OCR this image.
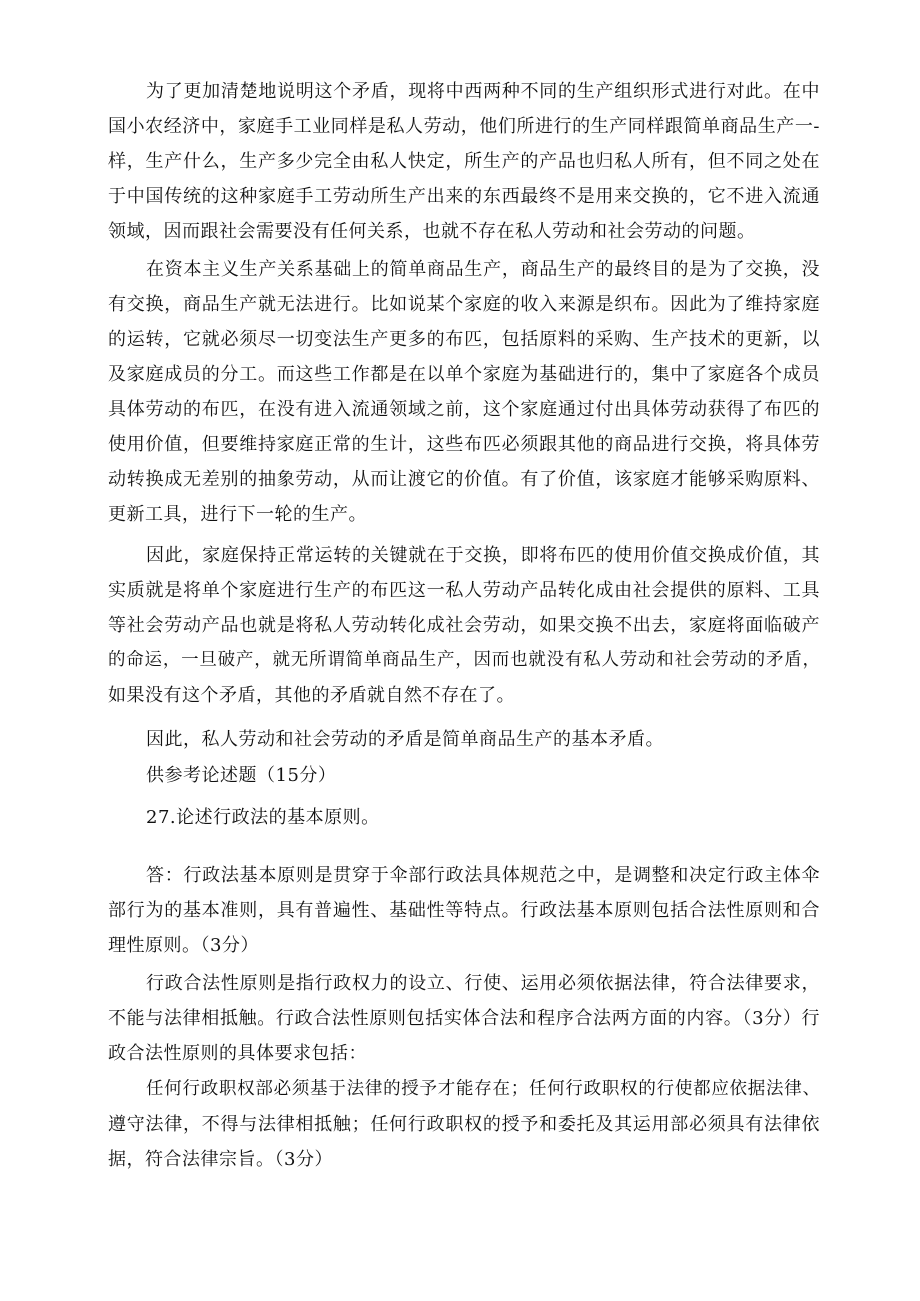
为了更加清楚地说明这个矛盾，现将中西两种不同的生产组织形式进行对此。在中
国小农经济中，家庭手工业同样是私人劳动，他们所进行的生产同样跟简单商品生产一-
样，生产什么，生产多少完全由私人快定，所生产的产品也归私人所有，但不同之处在
于中国传统的这种家庭手工劳动所生产出来的东西最终不是用来交换的，它不进入流通
领域，因而跟社会需要没有任何关系，也就不存在私人劳动和社会劳动的问题。
在资本主义生产关系基础上的简单商品生产，商品生产的最终目的是为了交换，没
有交换，商品生产就无法进行。比如说某个家庭的收入来源是织布。因此为了维持家庭
的运转，它就必须尽一切变法生产更多的布匹，包括原料的采购、生产技术的更新，以
及家庭成员的分工。而这些工作都是在以单个家庭为基础进行的，集中了家庭各个成员
具体劳动的布匹，在没有进入流通领域之前，这个家庭通过付出具体劳动获得了布匹的
使用价值，但要维持家庭正常的生计，这些布匹必须跟其他的商品进行交换，将具体劳
动转换成无差别的抽象劳动，从而让渡它的价值。有了价值，该家庭才能够采购原料、
更新工具，进行下一轮的生产。
因此，家庭保持正常运转的关键就在于交换，即将布匹的使用价值交换成价值，其
实质就是将单个家庭进行生产的布匹这一私人劳动产品转化成由社会提供的原料、工具
等社会劳动产品也就是将私人劳动转化成社会劳动，如果交换不出去，家庭将面临破产
的命运，一旦破产，就无所谓简单商品生产，因而也就没有私人劳动和社会劳动的矛盾，
如果没有这个矛盾，其他的矛盾就自然不存在了。
因此，私人劳动和社会劳动的矛盾是简单商品生产的基本矛盾。
供参考论述题（15分）
27.论述行政法的基本原则。
答：行政法基本原则是贯穿于伞部行政法具体规范之中，是调整和决定行政主体伞
部行为的基本准则，具有普遍性、基础性等特点。行政法基本原则包括合法性原则和合
理性原则。（3分）
行政合法性原则是指行政权力的设立、行使、运用必须依据法律，符合法律要求，
不能与法律相抵触。行政合法性原则包括实体合法和程序合法两方面的内容。（3分）行
政合法性原则的具体要求包括：
任何行政职权部必须基于法律的授予才能存在；任何行政职权的行使都应依据法律、
遵守法律，不得与法律相抵触；任何行政职权的授予和委托及其运用部必须具有法律依
据，符合法律宗旨。（3分）
